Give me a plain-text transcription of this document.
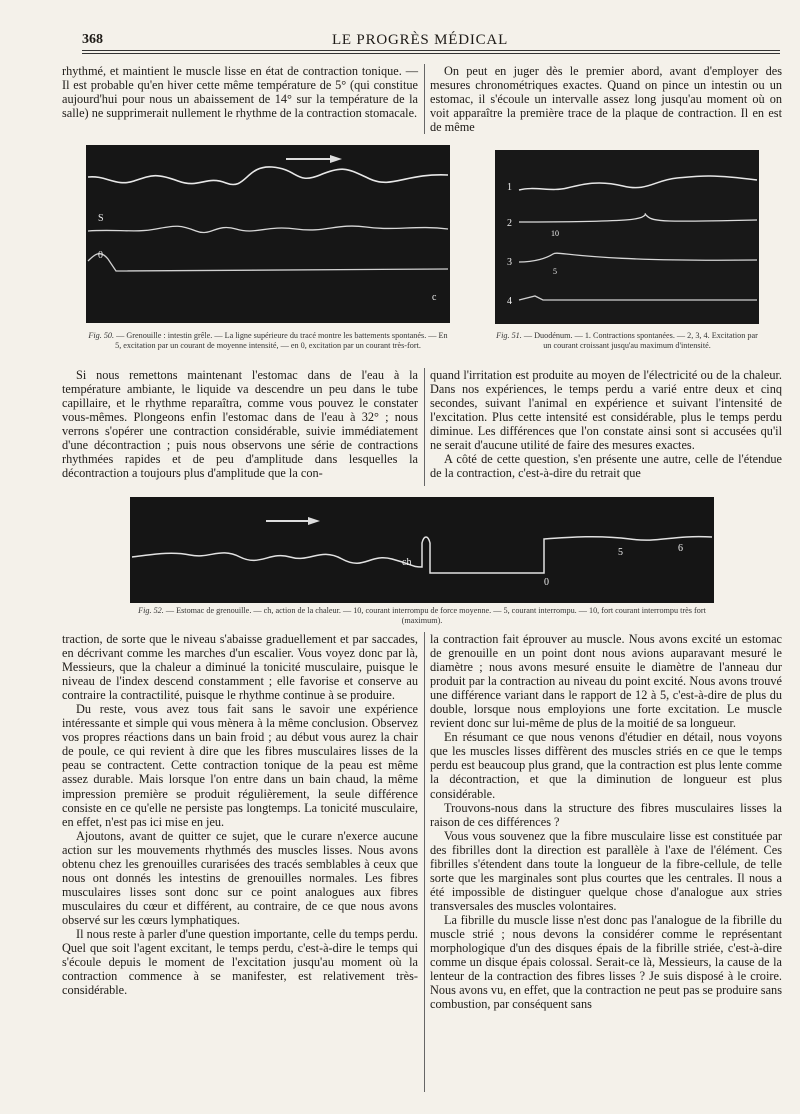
368	LE PROGRÈS MÉDICAL

rhythmé, et maintient le muscle lisse en état de contraction tonique. — Il est probable qu'en hiver cette même température de 5° (qui constitue aujourd'hui pour nous un abaissement de 14° sur la température de la salle) ne supprimerait nullement le rhythme de la contraction stomacale.

On peut en juger dès le premier abord, avant d'employer des mesures chronométriques exactes. Quand on pince un intestin ou un estomac, il s'écoule un intervalle assez long jusqu'au moment où on voit apparaître la première trace de la plaque de contraction. Il en est de même

S
0
c
Fig. 50. — Grenouille : intestin grêle. — La ligne supérieure du tracé montre les battements spontanés. — En 5, excitation par un courant de moyenne intensité, — en 0, excitation par un courant très-fort.
1
2
10
3
5
4
Fig. 51. — Duodénum. — 1. Contractions spontanées. — 2, 3, 4. Excitation par un courant croissant jusqu'au maximum d'intensité.

Si nous remettons maintenant l'estomac dans de l'eau à la température ambiante, le liquide va descendre un peu dans le tube capillaire, et le rhythme reparaîtra, comme vous pouvez le constater vous-mêmes. Plongeons enfin l'estomac dans de l'eau à 32° ; nous verrons s'opérer une contraction considérable, suivie immédiatement d'une décontraction ; puis nous observons une série de contractions rhythmées rapides et de peu d'amplitude dans lesquelles la décontraction a toujours plus d'amplitude que la con-

quand l'irritation est produite au moyen de l'électricité ou de la chaleur. Dans nos expériences, le temps perdu a varié entre deux et cinq secondes, suivant l'animal en expérience et suivant l'intensité de l'excitation. Plus cette intensité est considérable, plus le temps perdu diminue. Les différences que l'on constate ainsi sont si accusées qu'il ne serait d'aucune utilité de faire des mesures exactes.

A côté de cette question, s'en présente une autre, celle de l'étendue de la contraction, c'est-à-dire du retrait que

ch
0
5	6
Fig. 52. — Estomac de grenouille. — ch, action de la chaleur. — 10, courant interrompu de force moyenne. — 5, courant interrompu. — 10, fort courant interrompu très fort (maximum).

traction, de sorte que le niveau s'abaisse graduellement et par saccades, en décrivant comme les marches d'un escalier. Vous voyez donc par là, Messieurs, que la chaleur a diminué la tonicité musculaire, puisque le niveau de l'index descend constamment ; elle favorise et conserve au contraire la contractilité, puisque le rhythme continue à se produire.

Du reste, vous avez tous fait sans le savoir une expérience intéressante et simple qui vous mènera à la même conclusion. Observez vos propres réactions dans un bain froid ; au début vous aurez la chair de poule, ce qui revient à dire que les fibres musculaires lisses de la peau se contractent. Cette contraction tonique de la peau est même assez durable. Mais lorsque l'on entre dans un bain chaud, la même impression première se produit régulièrement, la seule différence consiste en ce qu'elle ne persiste pas longtemps. La tonicité musculaire, en effet, n'est pas ici mise en jeu.

Ajoutons, avant de quitter ce sujet, que le curare n'exerce aucune action sur les mouvements rhythmés des muscles lisses. Nous avons obtenu chez les grenouilles curarisées des tracés semblables à ceux que nous ont donnés les intestins de grenouilles normales. Les fibres musculaires lisses sont donc sur ce point analogues aux fibres musculaires du cœur et différent, au contraire, de ce que nous avons observé sur les cœurs lymphatiques.

Il nous reste à parler d'une question importante, celle du temps perdu. Quel que soit l'agent excitant, le temps perdu, c'est-à-dire le temps qui s'écoule depuis le moment de l'excitation jusqu'au moment où la contraction commence à se manifester, est relativement très-considérable.

la contraction fait éprouver au muscle. Nous avons excité un estomac de grenouille en un point dont nous avions auparavant mesuré le diamètre ; nous avons mesuré ensuite le diamètre de l'anneau dur produit par la contraction au niveau du point excité. Nous avons trouvé une différence variant dans le rapport de 12 à 5, c'est-à-dire de plus du double, lorsque nous employions une forte excitation. Le muscle revient donc sur lui-même de plus de la moitié de sa longueur.

En résumant ce que nous venons d'étudier en détail, nous voyons que les muscles lisses diffèrent des muscles striés en ce que le temps perdu est beaucoup plus grand, que la contraction est plus lente comme la décontraction, et que la diminution de longueur est plus considérable.

Trouvons-nous dans la structure des fibres musculaires lisses la raison de ces différences ?

Vous vous souvenez que la fibre musculaire lisse est constituée par des fibrilles dont la direction est parallèle à l'axe de l'élément. Ces fibrilles s'étendent dans toute la longueur de la fibre-cellule, de telle sorte que les marginales sont plus courtes que les centrales. Il nous a été impossible de distinguer quelque chose d'analogue aux stries transversales des muscles volontaires.

La fibrille du muscle lisse n'est donc pas l'analogue de la fibrille du muscle strié ; nous devons la considérer comme le représentant morphologique d'un des disques épais de la fibrille striée, c'est-à-dire comme un disque épais colossal. Serait-ce là, Messieurs, la cause de la lenteur de la contraction des fibres lisses ? Je suis disposé à le croire. Nous avons vu, en effet, que la contraction ne peut pas se produire sans combustion, par conséquent sans
